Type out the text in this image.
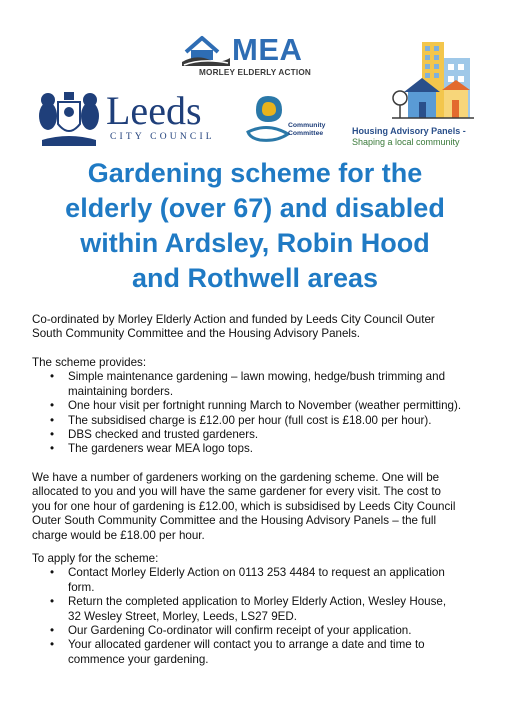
MEA
MORLEY ELDERLY ACTION
Leeds
CITY COUNCIL
Community
Committee	Housing Advisory Panels -
Shaping a local community
Gardening scheme for the
elderly (over 67) and disabled
within Ardsley, Robin Hood
and Rothwell areas
Co-ordinated by Morley Elderly Action and funded by Leeds City Council Outer
South Community Committee and the Housing Advisory Panels.
The scheme provides:
• Simple maintenance gardening – lawn mowing, hedge/bush trimming and
maintaining borders.
• One hour visit per fortnight running March to November (weather permitting).
• The subsidised charge is £12.00 per hour (full cost is £18.00 per hour).
• DBS checked and trusted gardeners.
• The gardeners wear MEA logo tops.
We have a number of gardeners working on the gardening scheme. One will be
allocated to you and you will have the same gardener for every visit. The cost to
you for one hour of gardening is £12.00, which is subsidised by Leeds City Council
Outer South Community Committee and the Housing Advisory Panels – the full
charge would be £18.00 per hour.
To apply for the scheme:
• Contact Morley Elderly Action on 0113 253 4484 to request an application
form.
• Return the completed application to Morley Elderly Action, Wesley House,
32 Wesley Street, Morley, Leeds, LS27 9ED.
• Our Gardening Co-ordinator will confirm receipt of your application.
• Your allocated gardener will contact you to arrange a date and time to
commence your gardening.
